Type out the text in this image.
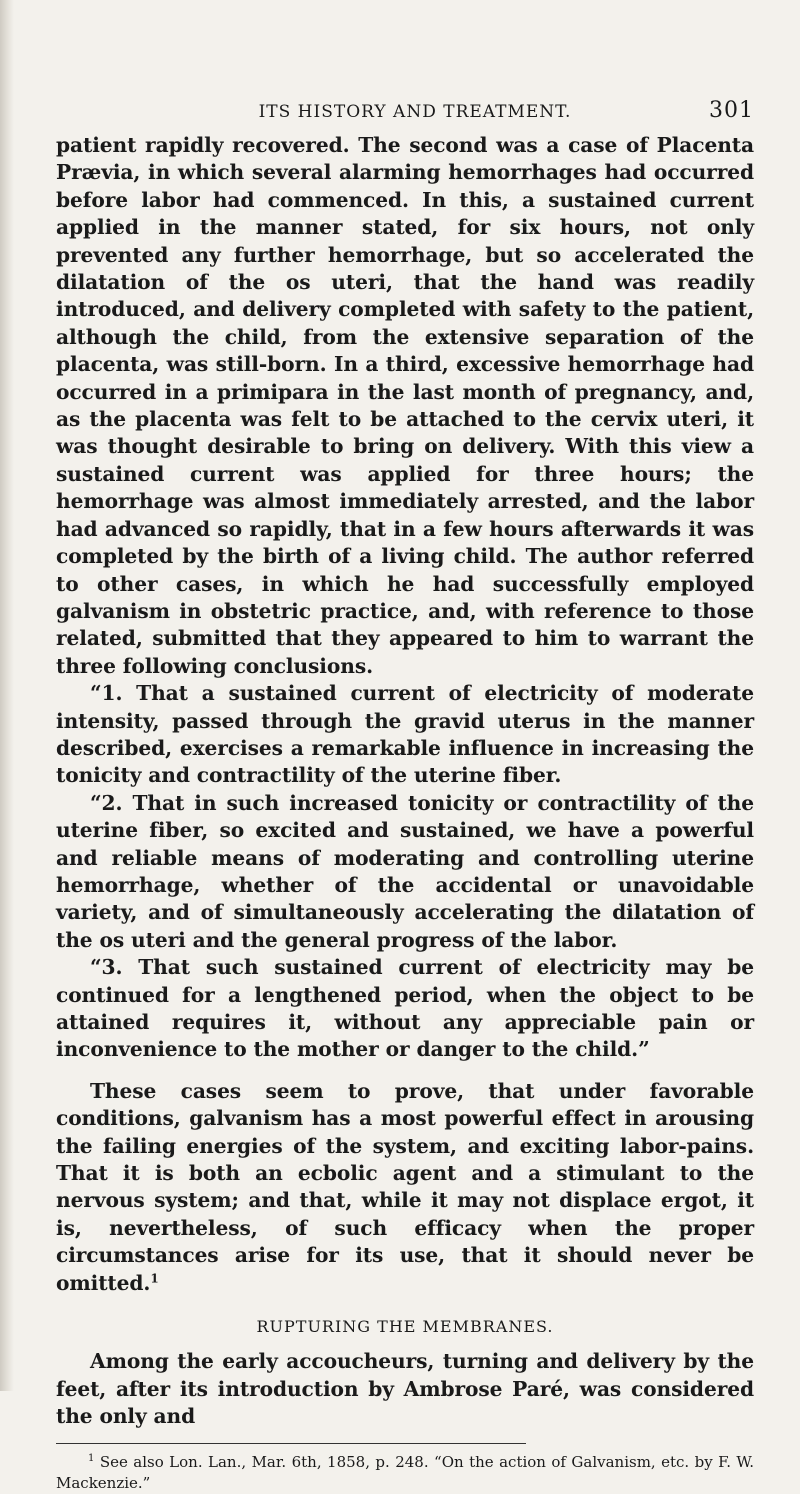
ITS HISTORY AND TREATMENT.	301

patient rapidly recovered. The second was a case of Placenta Prævia, in which several alarming hemorrhages had occurred before labor had commenced. In this, a sustained current applied in the manner stated, for six hours, not only prevented any further hemorrhage, but so accelerated the dilatation of the os uteri, that the hand was readily introduced, and delivery completed with safety to the patient, although the child, from the extensive separation of the placenta, was still-born. In a third, excessive hemorrhage had occurred in a primipara in the last month of pregnancy, and, as the placenta was felt to be attached to the cervix uteri, it was thought desirable to bring on delivery. With this view a sustained current was applied for three hours; the hemorrhage was almost immediately arrested, and the labor had advanced so rapidly, that in a few hours afterwards it was completed by the birth of a living child. The author referred to other cases, in which he had successfully employed galvanism in obstetric practice, and, with reference to those related, submitted that they appeared to him to warrant the three following conclusions.

“1. That a sustained current of electricity of moderate intensity, passed through the gravid uterus in the manner described, exercises a remarkable influence in increasing the tonicity and contractility of the uterine fiber.

“2. That in such increased tonicity or contractility of the uterine fiber, so excited and sustained, we have a powerful and reliable means of moderating and controlling uterine hemorrhage, whether of the accidental or unavoidable variety, and of simultaneously accelerating the dilatation of the os uteri and the general progress of the labor.

“3. That such sustained current of electricity may be continued for a lengthened period, when the object to be attained requires it, without any appreciable pain or inconvenience to the mother or danger to the child.”

These cases seem to prove, that under favorable conditions, galvanism has a most powerful effect in arousing the failing energies of the system, and exciting labor-pains. That it is both an ecbolic agent and a stimulant to the nervous system; and that, while it may not displace ergot, it is, nevertheless, of such efficacy when the proper circumstances arise for its use, that it should never be omitted.$^1$

RUPTURING THE MEMBRANES.

Among the early accoucheurs, turning and delivery by the feet, after its introduction by Ambrose Paré, was considered the only and

$^1$ See also Lon. Lan., Mar. 6th, 1858, p. 248. “On the action of Galvanism, etc. by F. W. Mackenzie.”
